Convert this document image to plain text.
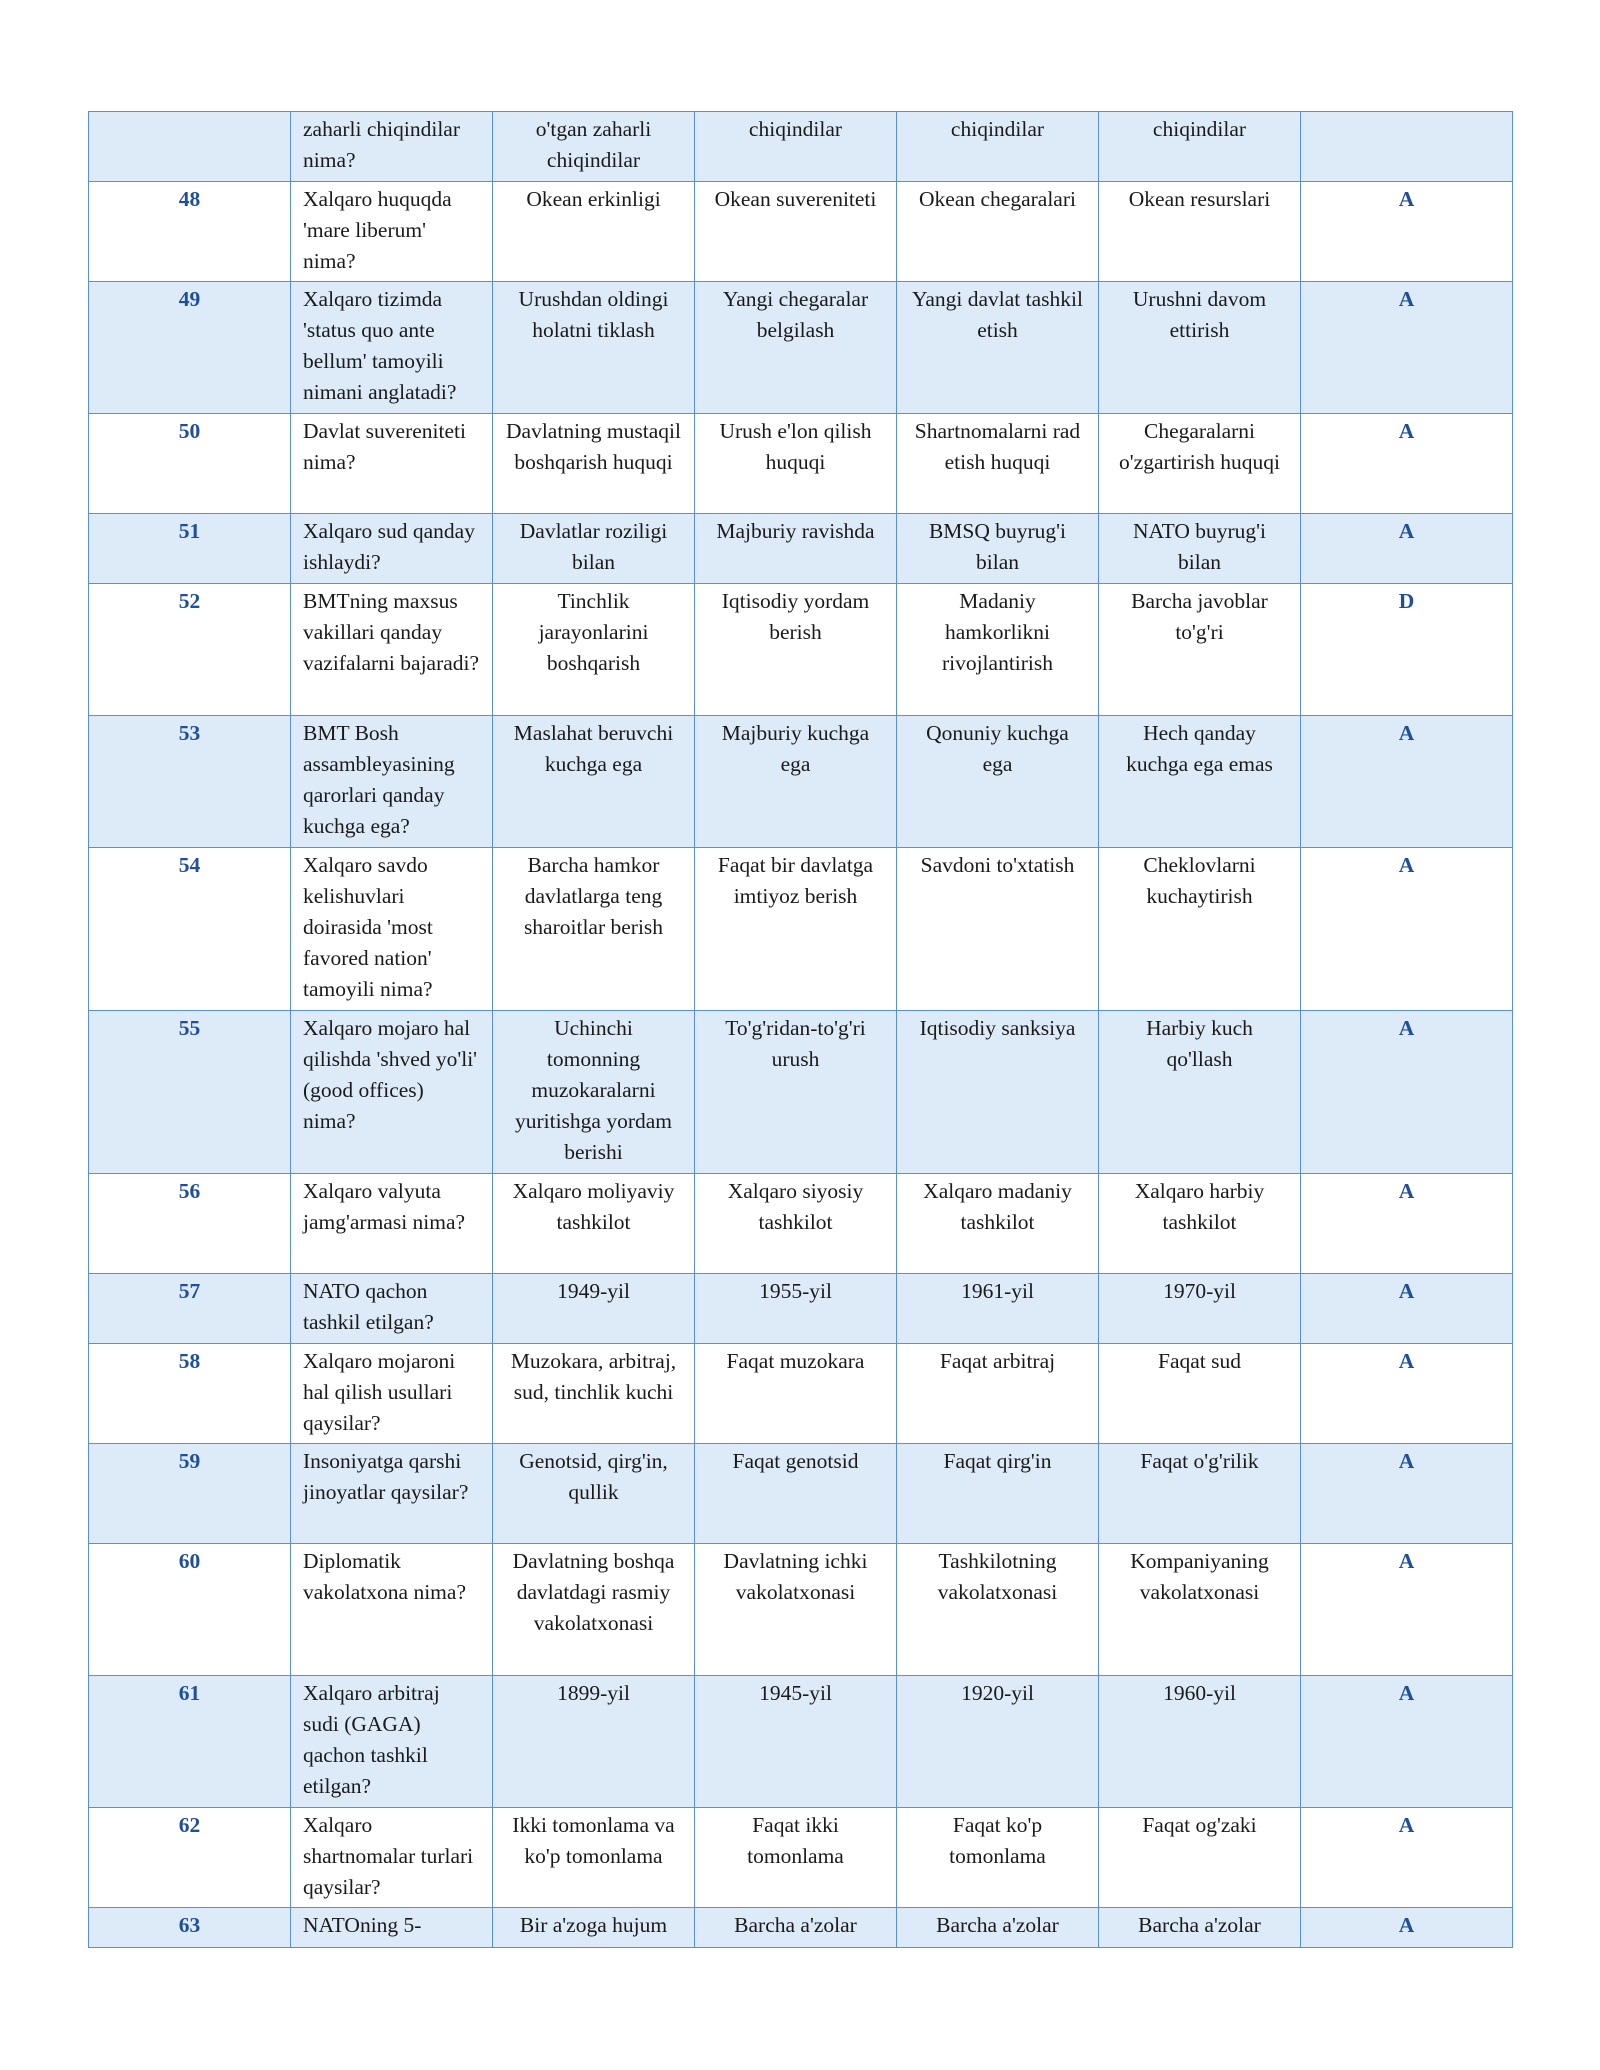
	zaharli chiqindilar nima?	o'tgan zaharli chiqindilar	chiqindilar	chiqindilar	chiqindilar	
48	Xalqaro huquqda 'mare liberum' nima?	Okean erkinligi	Okean suvereniteti	Okean chegaralari	Okean resurslari	A
49	Xalqaro tizimda 'status quo ante bellum' tamoyili nimani anglatadi?	Urushdan oldingi holatni tiklash	Yangi chegaralar belgilash	Yangi davlat tashkil etish	Urushni davom ettirish	A
50	Davlat suvereniteti nima?	Davlatning mustaqil boshqarish huquqi	Urush e'lon qilish huquqi	Shartnomalarni rad etish huquqi	Chegaralarni o'zgartirish huquqi	A
51	Xalqaro sud qanday ishlaydi?	Davlatlar roziligi bilan	Majburiy ravishda	BMSQ buyrug'i bilan	NATO buyrug'i bilan	A
52	BMTning maxsus vakillari qanday vazifalarni bajaradi?	Tinchlik jarayonlarini boshqarish	Iqtisodiy yordam berish	Madaniy hamkorlikni rivojlantirish	Barcha javoblar to'g'ri	D
53	BMT Bosh assambleyasining qarorlari qanday kuchga ega?	Maslahat beruvchi kuchga ega	Majburiy kuchga ega	Qonuniy kuchga ega	Hech qanday kuchga ega emas	A
54	Xalqaro savdo kelishuvlari doirasida 'most favored nation' tamoyili nima?	Barcha hamkor davlatlarga teng sharoitlar berish	Faqat bir davlatga imtiyoz berish	Savdoni to'xtatish	Cheklovlarni kuchaytirish	A
55	Xalqaro mojaro hal qilishda 'shved yo'li' (good offices) nima?	Uchinchi tomonning muzokaralarni yuritishga yordam berishi	To'g'ridan-to'g'ri urush	Iqtisodiy sanksiya	Harbiy kuch qo'llash	A
56	Xalqaro valyuta jamg'armasi nima?	Xalqaro moliyaviy tashkilot	Xalqaro siyosiy tashkilot	Xalqaro madaniy tashkilot	Xalqaro harbiy tashkilot	A
57	NATO qachon tashkil etilgan?	1949-yil	1955-yil	1961-yil	1970-yil	A
58	Xalqaro mojaroni hal qilish usullari qaysilar?	Muzokara, arbitraj, sud, tinchlik kuchi	Faqat muzokara	Faqat arbitraj	Faqat sud	A
59	Insoniyatga qarshi jinoyatlar qaysilar?	Genotsid, qirg'in, qullik	Faqat genotsid	Faqat qirg'in	Faqat o'g'rilik	A
60	Diplomatik vakolatxona nima?	Davlatning boshqa davlatdagi rasmiy vakolatxonasi	Davlatning ichki vakolatxonasi	Tashkilotning vakolatxonasi	Kompaniyaning vakolatxonasi	A
61	Xalqaro arbitraj sudi (GAGA) qachon tashkil etilgan?	1899-yil	1945-yil	1920-yil	1960-yil	A
62	Xalqaro shartnomalar turlari qaysilar?	Ikki tomonlama va ko'p tomonlama	Faqat ikki tomonlama	Faqat ko'p tomonlama	Faqat og'zaki	A
63	NATOning 5-	Bir a'zoga hujum	Barcha a'zolar	Barcha a'zolar	Barcha a'zolar	A
